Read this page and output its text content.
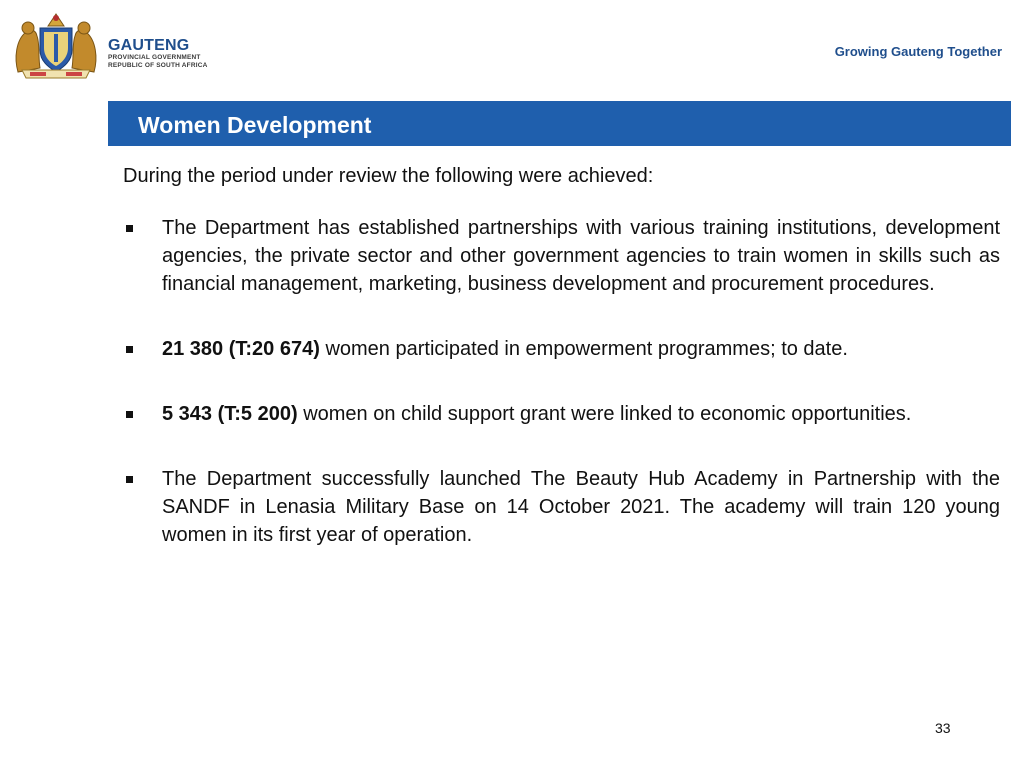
GAUTENG
PROVINCIAL GOVERNMENT
REPUBLIC OF SOUTH AFRICA
Growing Gauteng Together
Women Development

During the period under review the following were achieved:

The Department has established partnerships with various training institutions, development agencies, the private sector and other government agencies to train women in skills such as financial management, marketing, business development and procurement procedures.
21 380 (T:20 674) women participated in empowerment programmes; to date.
5 343 (T:5 200) women on child support grant were linked to economic opportunities.
The Department successfully launched The Beauty Hub Academy in Partnership with the SANDF in Lenasia Military Base on 14 October 2021. The academy will train 120 young women in its first year of operation.
33
